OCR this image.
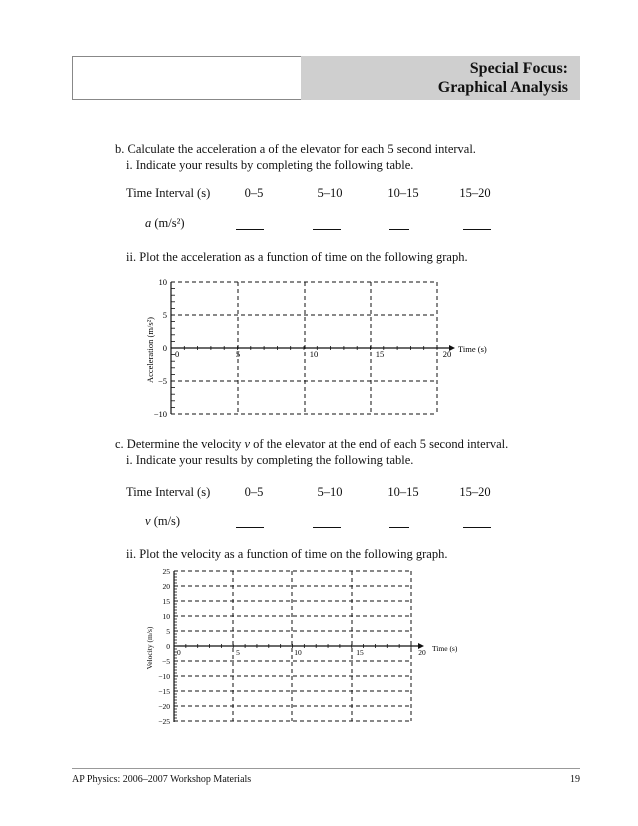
Special Focus:
Graphical Analysis
b. Calculate the acceleration a of the elevator for each 5 second interval.
i. Indicate your results by completing the following table.
Time Interval (s)	0–5	5–10	10–15	15–20
a (m/s²)
ii. Plot the acceleration as a function of time on the following graph.
10
5
0
−5
−10
0	5	10	15	20 Time (s)
Acceleration (m/s²)
c. Determine the velocity v of the elevator at the end of each 5 second interval.
i. Indicate your results by completing the following table.
Time Interval (s)	0–5	5–10	10–15	15–20
v (m/s)
ii. Plot the velocity as a function of time on the following graph.
25
20
15
10
5
0
−5
−10
−15
−20
−25
0	5	10	15	20 Time (s)
Velocity (m/s)
AP Physics: 2006–2007 Workshop Materials	19
